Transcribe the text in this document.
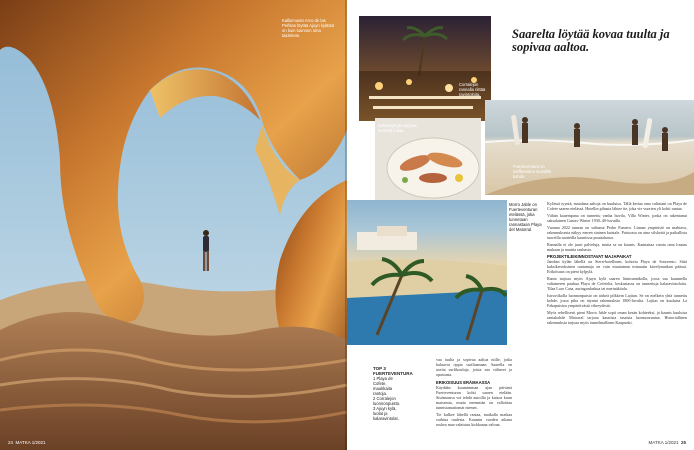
Kalliomuoto Arco de las Peñitas löytää Ajuyn kylästä on kuin luonnon oma taideteos.
24 MATKA 1/2021
Corralejon rannalla riittää ravintoloita.
Saarelta löytää kovaa tuulta ja sopivaa aaltoa.
Kalastajakylä tarjoaa tuoretta kalaa.
Fuerteventura on surffareiden suosikki kohde.
Morro Jable on Fuerteventuran etelässä, joka tunnetaan rannastaan Playa del Matorral.
TOP 3 FUERTEVENTURA
1 Playa de Cofete, maukkaita rantoja.
2 Corralejon luonnonpuisto.
3 Ajuyn kylä, luolat ja kalaravintolat.

vaa tuulta ja sopivaa aaltoa niille, jotka haluavat oppia surffaamaan. Saarella on useita surfikouluja, joista saa välineet ja opastusta.

ERIKOISUUS ERÄMAASSA

Käydään kuumimman ajan päivänä Fuerteventuran kohti saaren etelään. Sisämaassa voi tehdä autoilla ja katsoa kuun maisemia, mutta enemmän on valloittaa tunnistamattomat niemet.

Tie kulkee lähellä rantaa, matkalla matkaa vaihtua tuulesta. Kuumin vuoden aikana ruskea maa valaistuu kirkkaana valona.

Kylässä tyyntä, matalana aaltoja on kuuluisa. Tällä kertaa oma valintani on Playa de Cofete saaren etelässä. Hotellin pihasta lähtee tie, joka vie vuorten yli kohti rantaa.

Vähän kauempana on tunnettu vanha huvila, Villa Winter, jonka on rakentanut saksalainen Gustav Winter 1930–40-luvuilla.

Vuonna 2022 rannan on valinnut Pedro Fumero. Linnan ympäristö on mahtava, rakennuksesta näkyy meren sininen kaistale. Puistossa on aina vilskettä ja paikallisia tuoreilla tuotteilla kauniissa puutarhassa.

Rannalla ei ole juuri palveluja, mutta se on kaunis. Kannattaa varata oma lounas mukaan ja nauttia rauhasta.

PROJEKTILEIKINNOSTAVAT MAJAPAIKAT

Jandian kylän lähellä on Stern-hotellinen, kohotta Playa de Sotavento. Siitä kaksikerroksinen rantamaja on vain muutaman minuutin kävelymatkan päässä. Erikoisuus on pieni kylpylä.

Ranta tarjoaa myös Ajuyn kylä saaren länsirannikolla, jossa saa kuunnella valtameren pauhua Playa de Cofetelta, keskustassa on tunnettuja kalaravintoloita. Tilaa Loro Casa, auringonlaskua tai merinäköala.

Istruviikolla luonnonpuisto on tärkeä pilkkein Lajitan. Se on melkein yhtä tunnettu kohde, jossa piha on täynnä rakennuksia 1800-luvulta. Lajitas on kuuluisa La Fabapuistoa ympäröivästä vihreydestä.

Myös rehellisesti pieni Morro Jable sopii oman kesän kohteeksi, ja kaunis kuuluisa rantakohde Matorral tarjoaa kaunista tasaista luonnonrantaa. Historiallinen rakennuksia tarjoaa myös tunnelmallinen Kaupunki.

MATKA 1/2021 25
